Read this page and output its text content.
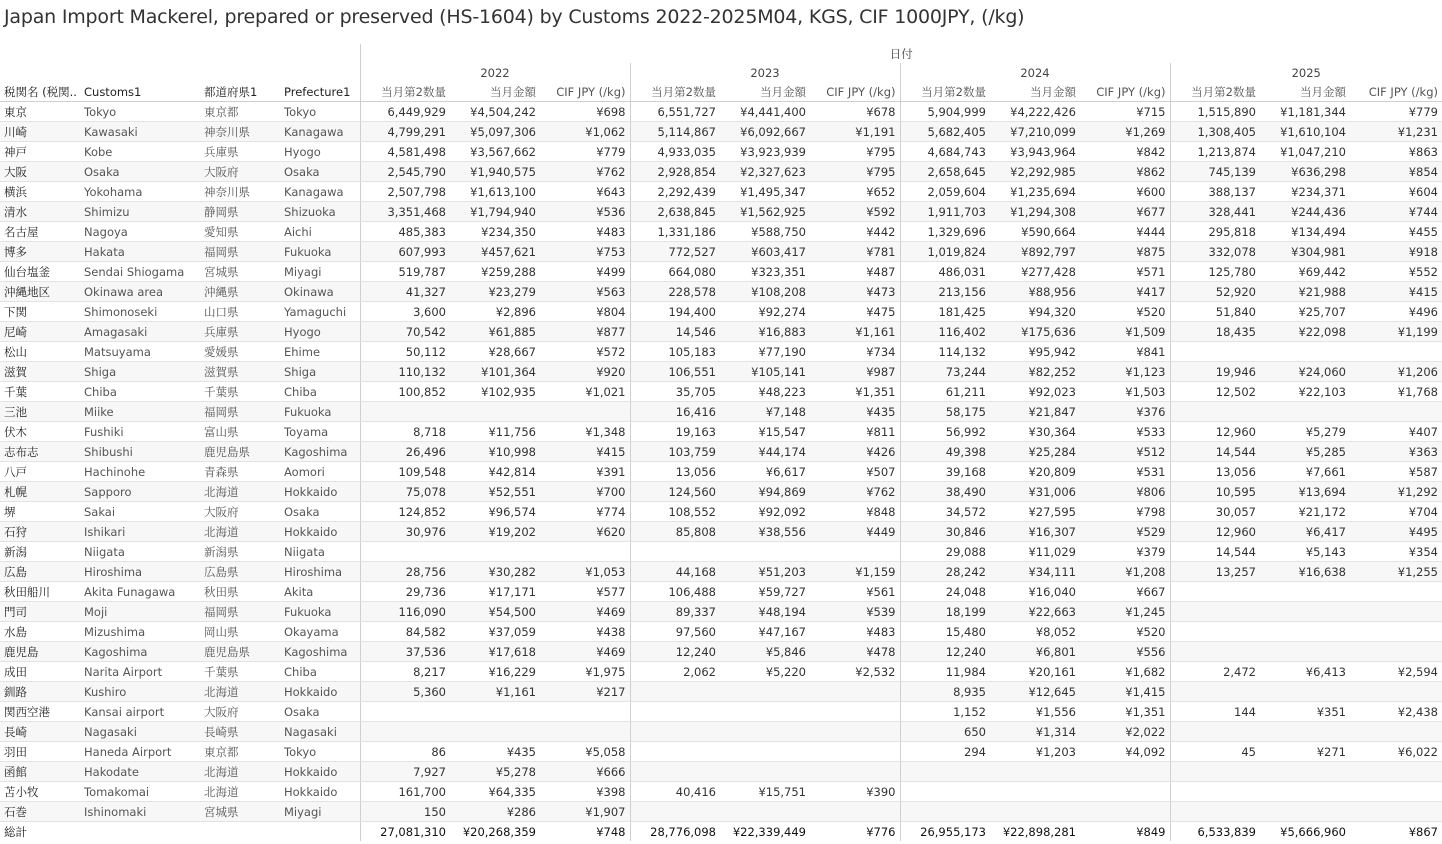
Japan Import Mackerel, prepared or preserved (HS-1604) by Customs 2022-2025M04, KGS, CIF 1000JPY, (/kg)
				日付											
				2022			2023			2024			2025		
税関名 (税関..	Customs1	都道府県1	Prefecture1	当月第2数量	当月金額	CIF JPY (/kg)	当月第2数量	当月金額	CIF JPY (/kg)	当月第2数量	当月金額	CIF JPY (/kg)	当月第2数量	当月金額	CIF JPY (/kg)
東京	Tokyo	東京都	Tokyo	6,449,929	¥4,504,242	¥698	6,551,727	¥4,441,400	¥678	5,904,999	¥4,222,426	¥715	1,515,890	¥1,181,344	¥779
川崎	Kawasaki	神奈川県	Kanagawa	4,799,291	¥5,097,306	¥1,062	5,114,867	¥6,092,667	¥1,191	5,682,405	¥7,210,099	¥1,269	1,308,405	¥1,610,104	¥1,231
神戸	Kobe	兵庫県	Hyogo	4,581,498	¥3,567,662	¥779	4,933,035	¥3,923,939	¥795	4,684,743	¥3,943,964	¥842	1,213,874	¥1,047,210	¥863
大阪	Osaka	大阪府	Osaka	2,545,790	¥1,940,575	¥762	2,928,854	¥2,327,623	¥795	2,658,645	¥2,292,985	¥862	745,139	¥636,298	¥854
横浜	Yokohama	神奈川県	Kanagawa	2,507,798	¥1,613,100	¥643	2,292,439	¥1,495,347	¥652	2,059,604	¥1,235,694	¥600	388,137	¥234,371	¥604
清水	Shimizu	静岡県	Shizuoka	3,351,468	¥1,794,940	¥536	2,638,845	¥1,562,925	¥592	1,911,703	¥1,294,308	¥677	328,441	¥244,436	¥744
名古屋	Nagoya	愛知県	Aichi	485,383	¥234,350	¥483	1,331,186	¥588,750	¥442	1,329,696	¥590,664	¥444	295,818	¥134,494	¥455
博多	Hakata	福岡県	Fukuoka	607,993	¥457,621	¥753	772,527	¥603,417	¥781	1,019,824	¥892,797	¥875	332,078	¥304,981	¥918
仙台塩釜	Sendai Shiogama	宮城県	Miyagi	519,787	¥259,288	¥499	664,080	¥323,351	¥487	486,031	¥277,428	¥571	125,780	¥69,442	¥552
沖縄地区	Okinawa area	沖縄県	Okinawa	41,327	¥23,279	¥563	228,578	¥108,208	¥473	213,156	¥88,956	¥417	52,920	¥21,988	¥415
下関	Shimonoseki	山口県	Yamaguchi	3,600	¥2,896	¥804	194,400	¥92,274	¥475	181,425	¥94,320	¥520	51,840	¥25,707	¥496
尼崎	Amagasaki	兵庫県	Hyogo	70,542	¥61,885	¥877	14,546	¥16,883	¥1,161	116,402	¥175,636	¥1,509	18,435	¥22,098	¥1,199
松山	Matsuyama	愛媛県	Ehime	50,112	¥28,667	¥572	105,183	¥77,190	¥734	114,132	¥95,942	¥841			
滋賀	Shiga	滋賀県	Shiga	110,132	¥101,364	¥920	106,551	¥105,141	¥987	73,244	¥82,252	¥1,123	19,946	¥24,060	¥1,206
千葉	Chiba	千葉県	Chiba	100,852	¥102,935	¥1,021	35,705	¥48,223	¥1,351	61,211	¥92,023	¥1,503	12,502	¥22,103	¥1,768
三池	Miike	福岡県	Fukuoka				16,416	¥7,148	¥435	58,175	¥21,847	¥376			
伏木	Fushiki	富山県	Toyama	8,718	¥11,756	¥1,348	19,163	¥15,547	¥811	56,992	¥30,364	¥533	12,960	¥5,279	¥407
志布志	Shibushi	鹿児島県	Kagoshima	26,496	¥10,998	¥415	103,759	¥44,174	¥426	49,398	¥25,284	¥512	14,544	¥5,285	¥363
八戸	Hachinohe	青森県	Aomori	109,548	¥42,814	¥391	13,056	¥6,617	¥507	39,168	¥20,809	¥531	13,056	¥7,661	¥587
札幌	Sapporo	北海道	Hokkaido	75,078	¥52,551	¥700	124,560	¥94,869	¥762	38,490	¥31,006	¥806	10,595	¥13,694	¥1,292
堺	Sakai	大阪府	Osaka	124,852	¥96,574	¥774	108,552	¥92,092	¥848	34,572	¥27,595	¥798	30,057	¥21,172	¥704
石狩	Ishikari	北海道	Hokkaido	30,976	¥19,202	¥620	85,808	¥38,556	¥449	30,846	¥16,307	¥529	12,960	¥6,417	¥495
新潟	Niigata	新潟県	Niigata							29,088	¥11,029	¥379	14,544	¥5,143	¥354
広島	Hiroshima	広島県	Hiroshima	28,756	¥30,282	¥1,053	44,168	¥51,203	¥1,159	28,242	¥34,111	¥1,208	13,257	¥16,638	¥1,255
秋田船川	Akita Funagawa	秋田県	Akita	29,736	¥17,171	¥577	106,488	¥59,727	¥561	24,048	¥16,040	¥667			
門司	Moji	福岡県	Fukuoka	116,090	¥54,500	¥469	89,337	¥48,194	¥539	18,199	¥22,663	¥1,245			
水島	Mizushima	岡山県	Okayama	84,582	¥37,059	¥438	97,560	¥47,167	¥483	15,480	¥8,052	¥520			
鹿児島	Kagoshima	鹿児島県	Kagoshima	37,536	¥17,618	¥469	12,240	¥5,846	¥478	12,240	¥6,801	¥556			
成田	Narita Airport	千葉県	Chiba	8,217	¥16,229	¥1,975	2,062	¥5,220	¥2,532	11,984	¥20,161	¥1,682	2,472	¥6,413	¥2,594
釧路	Kushiro	北海道	Hokkaido	5,360	¥1,161	¥217				8,935	¥12,645	¥1,415			
関西空港	Kansai airport	大阪府	Osaka							1,152	¥1,556	¥1,351	144	¥351	¥2,438
長崎	Nagasaki	長崎県	Nagasaki							650	¥1,314	¥2,022			
羽田	Haneda Airport	東京都	Tokyo	86	¥435	¥5,058				294	¥1,203	¥4,092	45	¥271	¥6,022
函館	Hakodate	北海道	Hokkaido	7,927	¥5,278	¥666									
苫小牧	Tomakomai	北海道	Hokkaido	161,700	¥64,335	¥398	40,416	¥15,751	¥390						
石巻	Ishinomaki	宮城県	Miyagi	150	¥286	¥1,907									
総計				27,081,310	¥20,268,359	¥748	28,776,098	¥22,339,449	¥776	26,955,173	¥22,898,281	¥849	6,533,839	¥5,666,960	¥867
